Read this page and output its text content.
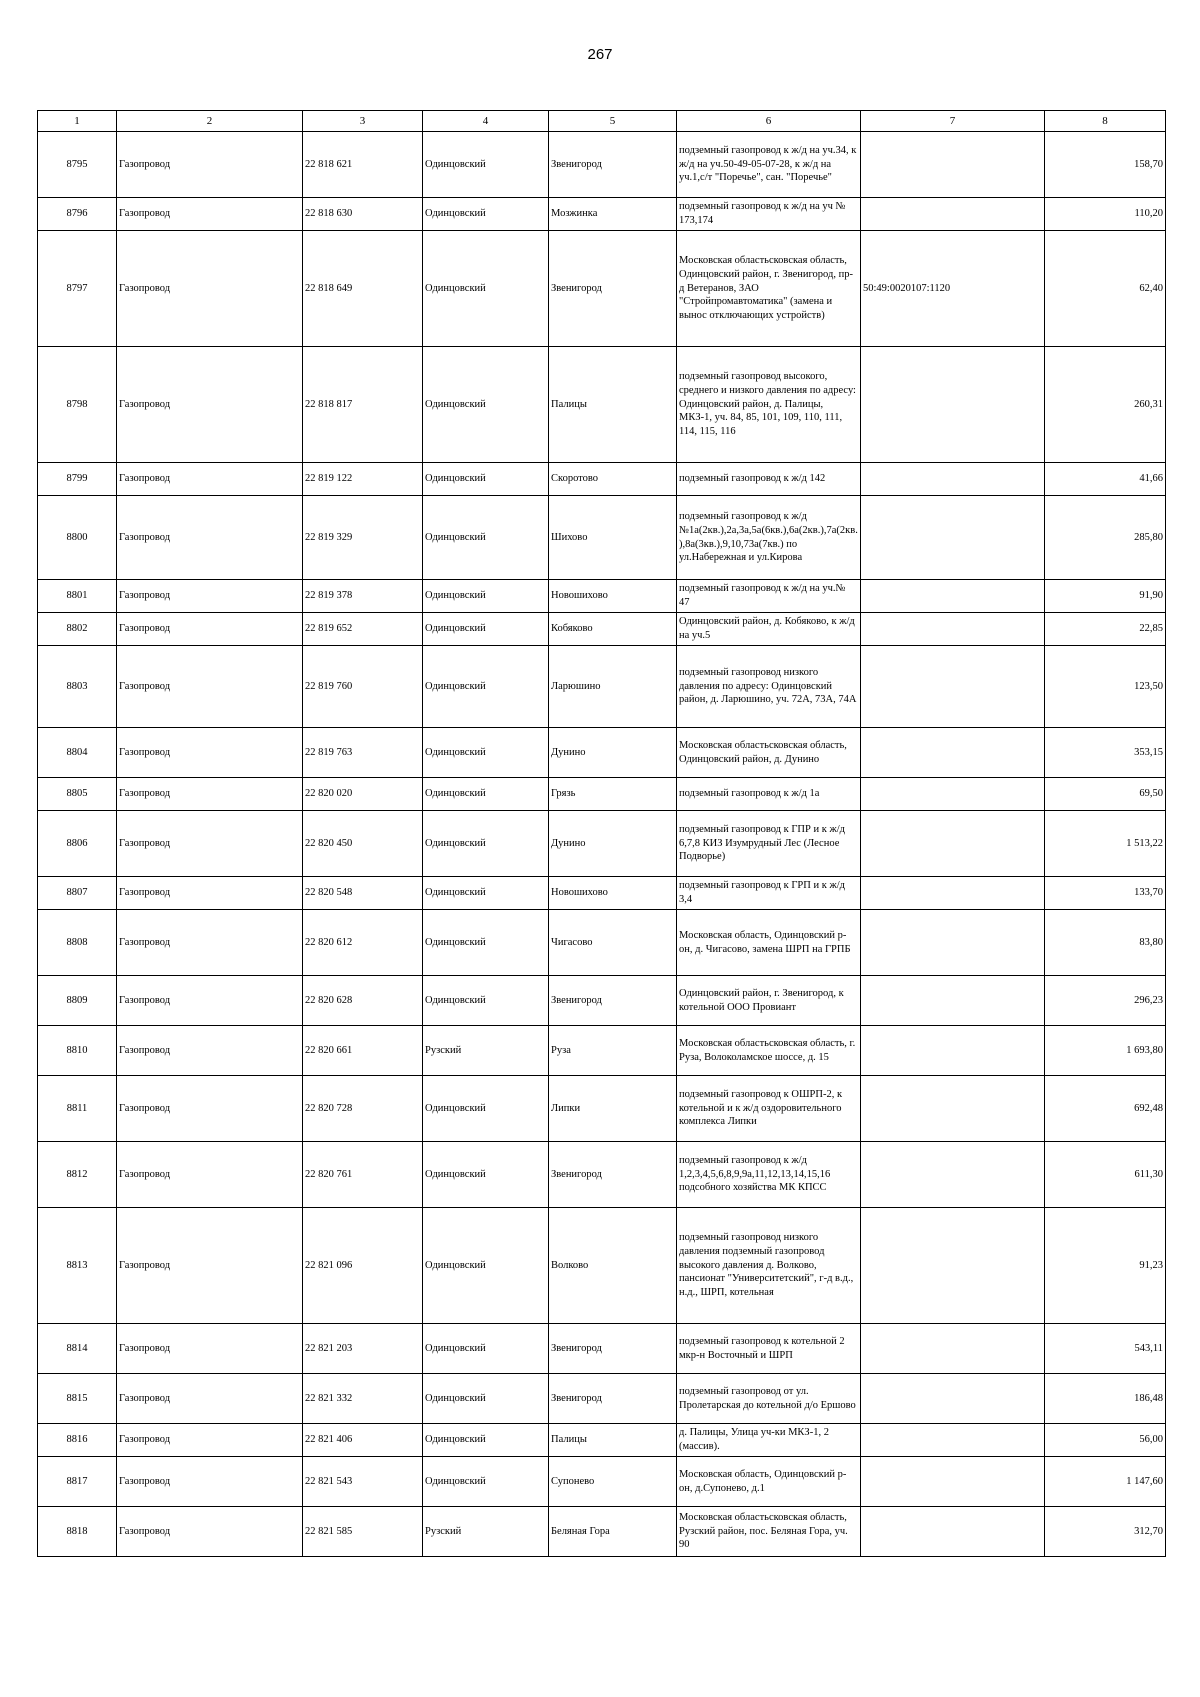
267
1	2	3	4	5	6	7	8
8795	Газопровод	22 818 621	Одинцовский	Звенигород	подземный газопровод к ж/д на уч.34, к ж/д на уч.50-49-05-07-28, к ж/д на уч.1,с/т "Поречье", сан. "Поречье"		158,70
8796	Газопровод	22 818 630	Одинцовский	Мозжинка	подземный газопровод к ж/д на уч № 173,174		110,20
8797	Газопровод	22 818 649	Одинцовский	Звенигород	Московская областьсковская область, Одинцовский район, г. Звенигород, пр-д Ветеранов, ЗАО "Стройпромавтоматика" (замена и вынос отключающих устройств)	50:49:0020107:1120	62,40
8798	Газопровод	22 818 817	Одинцовский	Палицы	подземный газопровод высокого, среднего и низкого давления по адресу: Одинцовский район, д. Палицы, МКЗ-1, уч. 84, 85, 101, 109, 110, 111, 114, 115, 116		260,31
8799	Газопровод	22 819 122	Одинцовский	Скоротово	подземный газопровод к ж/д 142		41,66
8800	Газопровод	22 819 329	Одинцовский	Шихово	подземный газопровод к ж/д №1а(2кв.),2а,3а,5а(6кв.),6а(2кв.),7а(2кв.),8а(3кв.),9,10,73а(7кв.) по ул.Набережная и ул.Кирова		285,80
8801	Газопровод	22 819 378	Одинцовский	Новошихово	подземный газопровод к ж/д на уч.№ 47		91,90
8802	Газопровод	22 819 652	Одинцовский	Кобяково	Одинцовский район, д. Кобяково, к ж/д на уч.5		22,85
8803	Газопровод	22 819 760	Одинцовский	Ларюшино	подземный газопровод низкого давления по адресу: Одинцовский район, д. Ларюшино, уч. 72А, 73А, 74А		123,50
8804	Газопровод	22 819 763	Одинцовский	Дунино	Московская областьсковская область, Одинцовский район, д. Дунино		353,15
8805	Газопровод	22 820 020	Одинцовский	Грязь	подземный газопровод к ж/д 1а		69,50
8806	Газопровод	22 820 450	Одинцовский	Дунино	подземный газопровод к ГПР и к ж/д 6,7,8 КИЗ Изумрудный Лес (Лесное Подворье)		1 513,22
8807	Газопровод	22 820 548	Одинцовский	Новошихово	подземный газопровод к ГРП и к ж/д 3,4		133,70
8808	Газопровод	22 820 612	Одинцовский	Чигасово	Московская область, Одинцовский р-он, д. Чигасово, замена ШРП на ГРПБ		83,80
8809	Газопровод	22 820 628	Одинцовский	Звенигород	Одинцовский район, г. Звенигород, к котельной ООО Провиант		296,23
8810	Газопровод	22 820 661	Рузский	Руза	Московская областьсковская область, г. Руза, Волоколамское шоссе, д. 15		1 693,80
8811	Газопровод	22 820 728	Одинцовский	Липки	подземный газопровод к ОШРП-2, к котельной и к ж/д оздоровительного комплекса Липки		692,48
8812	Газопровод	22 820 761	Одинцовский	Звенигород	подземный газопровод к ж/д 1,2,3,4,5,6,8,9,9а,11,12,13,14,15,16 подсобного хозяйства МК КПСС		611,30
8813	Газопровод	22 821 096	Одинцовский	Волково	подземный газопровод низкого давления подземный газопровод высокого давления д. Волково, пансионат "Университетский", г-д в.д., н.д., ШРП, котельная		91,23
8814	Газопровод	22 821 203	Одинцовский	Звенигород	подземный газопровод к котельной 2 мкр-н Восточный и ШРП		543,11
8815	Газопровод	22 821 332	Одинцовский	Звенигород	подземный газопровод от ул. Пролетарская до котельной д/о Ершово		186,48
8816	Газопровод	22 821 406	Одинцовский	Палицы	д. Палицы, Улица уч-ки МКЗ-1, 2 (массив).		56,00
8817	Газопровод	22 821 543	Одинцовский	Супонево	Московская область, Одинцовский р-он, д.Супонево, д.1		1 147,60
8818	Газопровод	22 821 585	Рузский	Беляная Гора	Московская областьсковская область, Рузский район, пос. Беляная Гора, уч. 90		312,70
